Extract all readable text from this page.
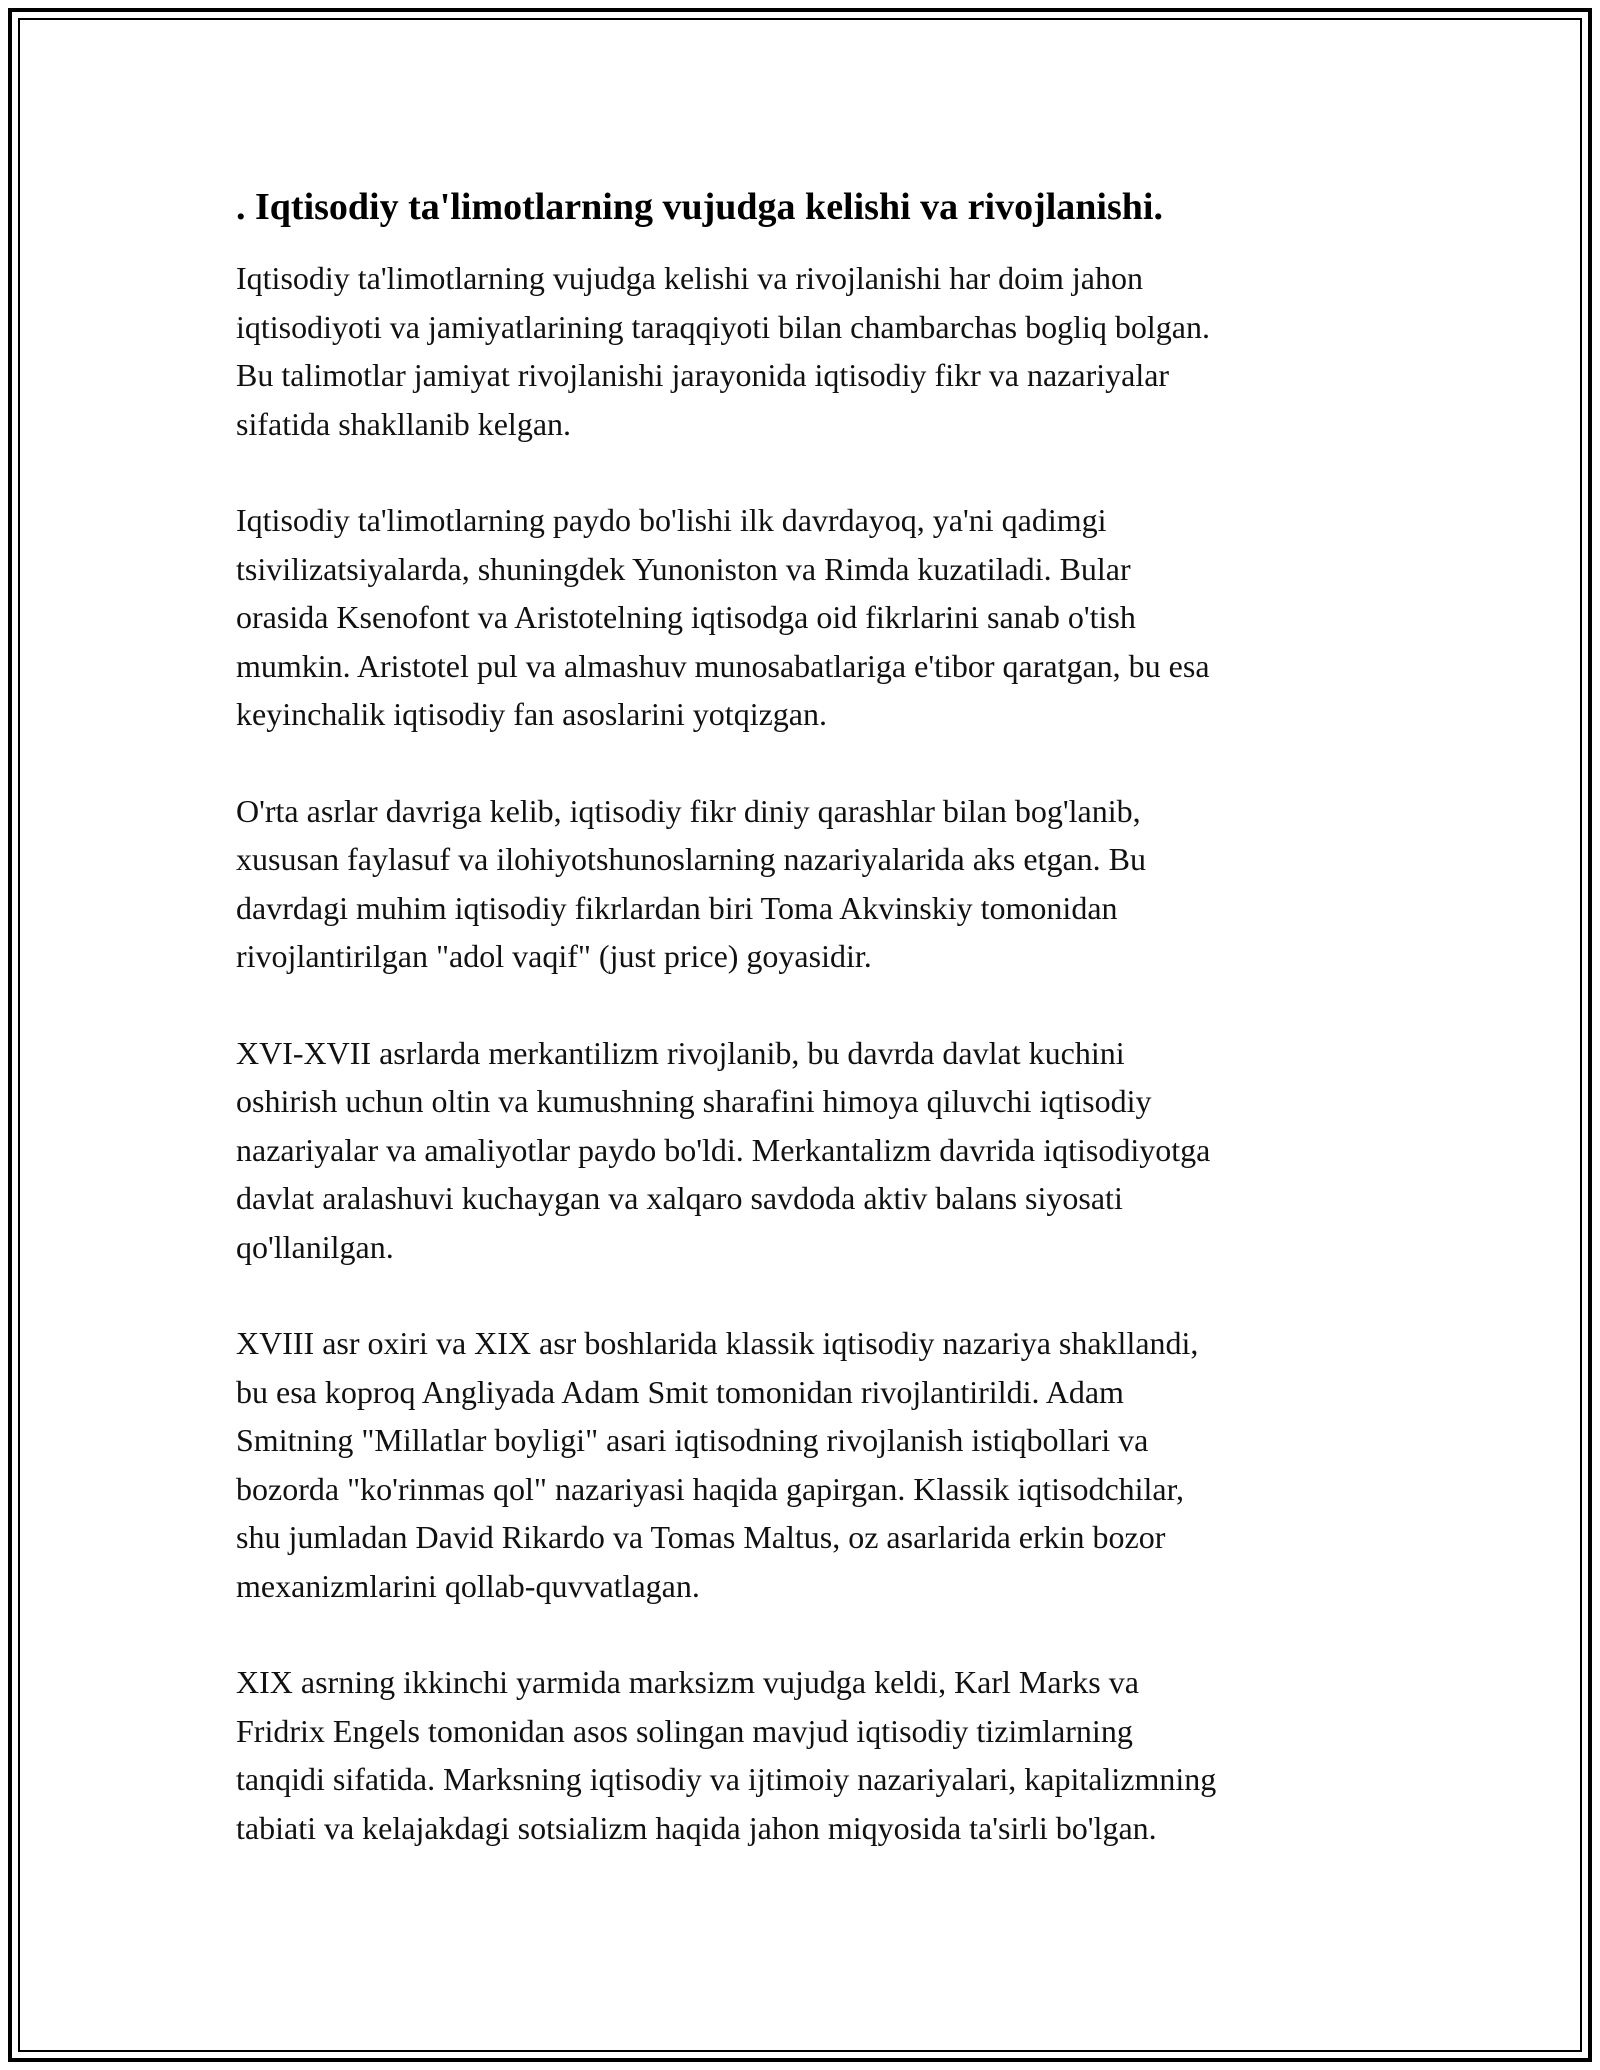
. Iqtisodiy ta'limotlarning vujudga kelishi va rivojlanishi.

Iqtisodiy ta'limotlarning vujudga kelishi va rivojlanishi har doim jahon
iqtisodiyoti va jamiyatlarining taraqqiyoti bilan chambarchas bogliq bolgan.
Bu talimotlar jamiyat rivojlanishi jarayonida iqtisodiy fikr va nazariyalar
sifatida shakllanib kelgan.

Iqtisodiy ta'limotlarning paydo bo'lishi ilk davrdayoq, ya'ni qadimgi
tsivilizatsiyalarda, shuningdek Yunoniston va Rimda kuzatiladi. Bular
orasida Ksenofont va Aristotelning iqtisodga oid fikrlarini sanab o'tish
mumkin. Aristotel pul va almashuv munosabatlariga e'tibor qaratgan, bu esa
keyinchalik iqtisodiy fan asoslarini yotqizgan.

O'rta asrlar davriga kelib, iqtisodiy fikr diniy qarashlar bilan bog'lanib,
xususan faylasuf va ilohiyotshunoslarning nazariyalarida aks etgan. Bu
davrdagi muhim iqtisodiy fikrlardan biri Toma Akvinskiy tomonidan
rivojlantirilgan "adol vaqif" (just price) goyasidir.

XVI-XVII asrlarda merkantilizm rivojlanib, bu davrda davlat kuchini
oshirish uchun oltin va kumushning sharafini himoya qiluvchi iqtisodiy
nazariyalar va amaliyotlar paydo bo'ldi. Merkantalizm davrida iqtisodiyotga
davlat aralashuvi kuchaygan va xalqaro savdoda aktiv balans siyosati
qo'llanilgan.

XVIII asr oxiri va XIX asr boshlarida klassik iqtisodiy nazariya shakllandi,
bu esa koproq Angliyada Adam Smit tomonidan rivojlantirildi. Adam
Smitning "Millatlar boyligi" asari iqtisodning rivojlanish istiqbollari va
bozorda "ko'rinmas qol" nazariyasi haqida gapirgan. Klassik iqtisodchilar,
shu jumladan David Rikardo va Tomas Maltus, oz asarlarida erkin bozor
mexanizmlarini qollab-quvvatlagan.

XIX asrning ikkinchi yarmida marksizm vujudga keldi, Karl Marks va
Fridrix Engels tomonidan asos solingan mavjud iqtisodiy tizimlarning
tanqidi sifatida. Marksning iqtisodiy va ijtimoiy nazariyalari, kapitalizmning
tabiati va kelajakdagi sotsializm haqida jahon miqyosida ta'sirli bo'lgan.
